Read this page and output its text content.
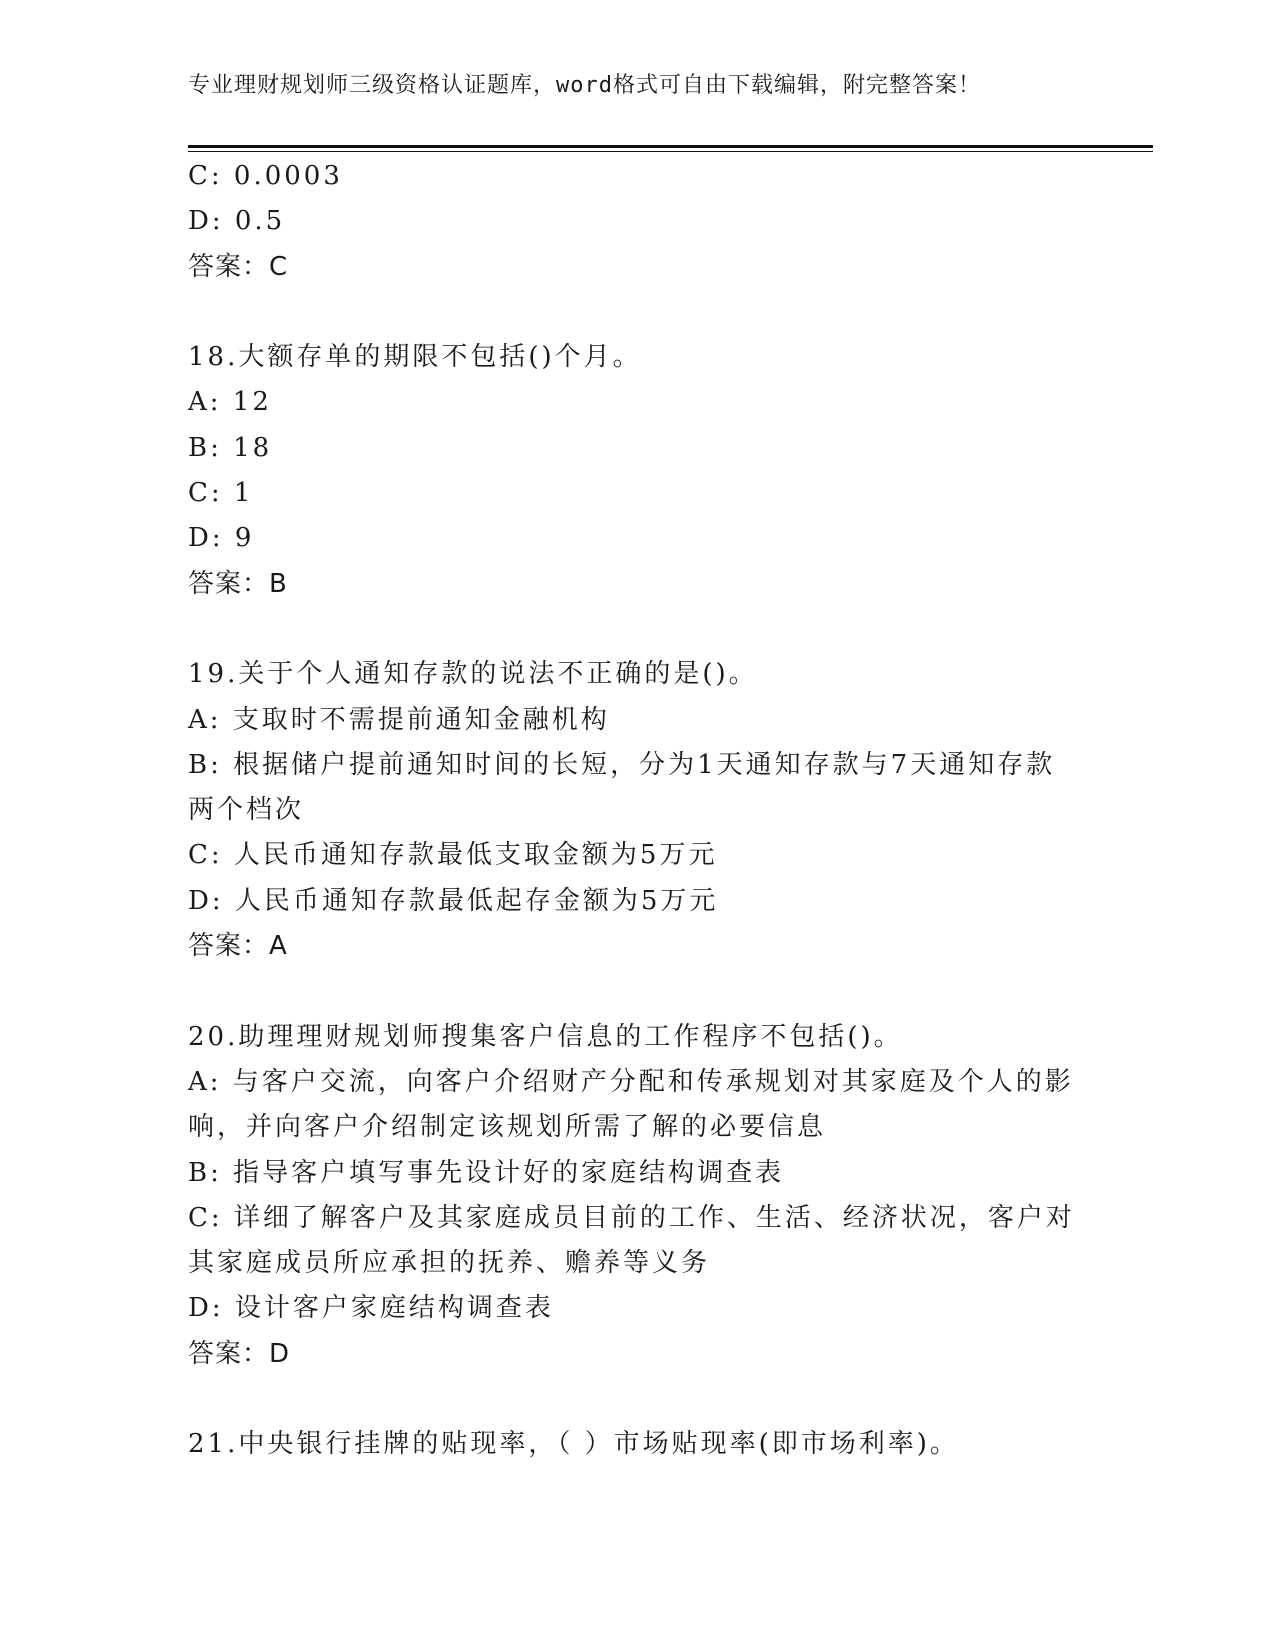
专业理财规划师三级资格认证题库，word格式可自由下载编辑，附完整答案！
C: 0.0003
D: 0.5
答案：C
18.大额存单的期限不包括()个月。
A: 12
B: 18
C: 1
D: 9
答案：B
19.关于个人通知存款的说法不正确的是()。
A: 支取时不需提前通知金融机构
B: 根据储户提前通知时间的长短，分为1天通知存款与7天通知存款
两个档次
C: 人民币通知存款最低支取金额为5万元
D: 人民币通知存款最低起存金额为5万元
答案：A
20.助理理财规划师搜集客户信息的工作程序不包括()。
A: 与客户交流，向客户介绍财产分配和传承规划对其家庭及个人的影
响，并向客户介绍制定该规划所需了解的必要信息
B: 指导客户填写事先设计好的家庭结构调查表
C: 详细了解客户及其家庭成员目前的工作、生活、经济状况，客户对
其家庭成员所应承担的抚养、赡养等义务
D: 设计客户家庭结构调查表
答案：D
21.中央银行挂牌的贴现率，（ ）市场贴现率(即市场利率)。
